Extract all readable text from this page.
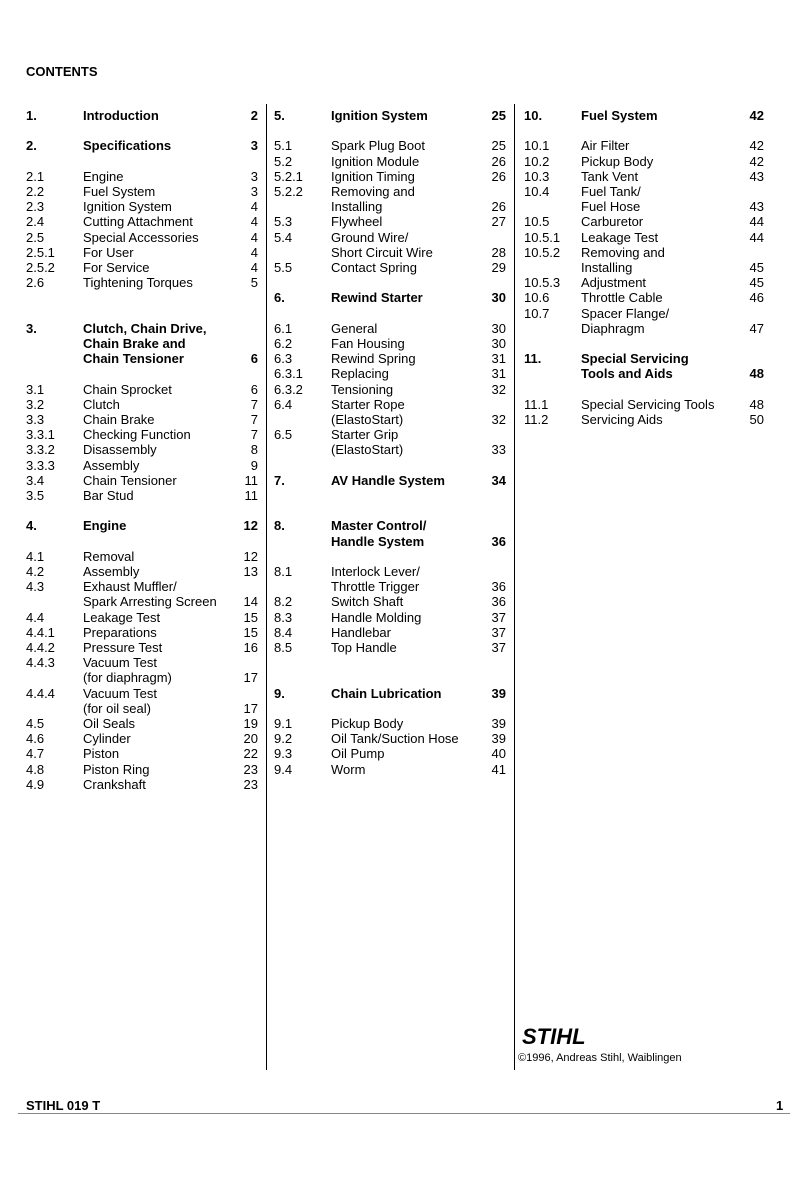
CONTENTS
1.	Introduction	2
2.	Specifications	3
2.1	Engine	3
2.2	Fuel System	3
2.3	Ignition System	4
2.4	Cutting Attachment	4
2.5	Special Accessories	4
2.5.1	For User	4
2.5.2	For Service	4
2.6	Tightening Torques	5
3.	Clutch, Chain Drive,
Chain Brake and
Chain Tensioner	6
3.1	Chain Sprocket	6
3.2	Clutch	7
3.3	Chain Brake	7
3.3.1	Checking Function	7
3.3.2	Disassembly	8
3.3.3	Assembly	9
3.4	Chain Tensioner	11
3.5	Bar Stud	11
4.	Engine	12
4.1	Removal	12
4.2	Assembly	13
4.3	Exhaust Muffler/
Spark Arresting Screen	14
4.4	Leakage Test	15
4.4.1	Preparations	15
4.4.2	Pressure Test	16
4.4.3	Vacuum Test
(for diaphragm)	17
4.4.4	Vacuum Test
(for oil seal)	17
4.5	Oil Seals	19
4.6	Cylinder	20
4.7	Piston	22
4.8	Piston Ring	23
4.9	Crankshaft	23
5.	Ignition System	25
5.1	Spark Plug Boot	25
5.2	Ignition Module	26
5.2.1	Ignition Timing	26
5.2.2	Removing and
Installing	26
5.3	Flywheel	27
5.4	Ground Wire/
Short Circuit Wire	28
5.5	Contact Spring	29
6.	Rewind Starter	30
6.1	General	30
6.2	Fan Housing	30
6.3	Rewind Spring	31
6.3.1	Replacing	31
6.3.2	Tensioning	32
6.4	Starter Rope
(ElastoStart)	32
6.5	Starter Grip
(ElastoStart)	33
7.	AV Handle System	34
8.	Master Control/
Handle System	36
8.1	Interlock Lever/
Throttle Trigger	36
8.2	Switch Shaft	36
8.3	Handle Molding	37
8.4	Handlebar	37
8.5	Top Handle	37
9.	Chain Lubrication	39
9.1	Pickup Body	39
9.2	Oil Tank/Suction Hose	39
9.3	Oil Pump	40
9.4	Worm	41
10.	Fuel System	42
10.1	Air Filter	42
10.2	Pickup Body	42
10.3	Tank Vent	43
10.4	Fuel Tank/
Fuel Hose	43
10.5	Carburetor	44
10.5.1	Leakage Test	44
10.5.2	Removing and
Installing	45
10.5.3	Adjustment	45
10.6	Throttle Cable	46
10.7	Spacer Flange/
Diaphragm	47
11.	Special Servicing
Tools and Aids	48
11.1	Special Servicing Tools	48
11.2	Servicing Aids	50
STIHL
©1996, Andreas Stihl, Waiblingen
STIHL 019 T	1
